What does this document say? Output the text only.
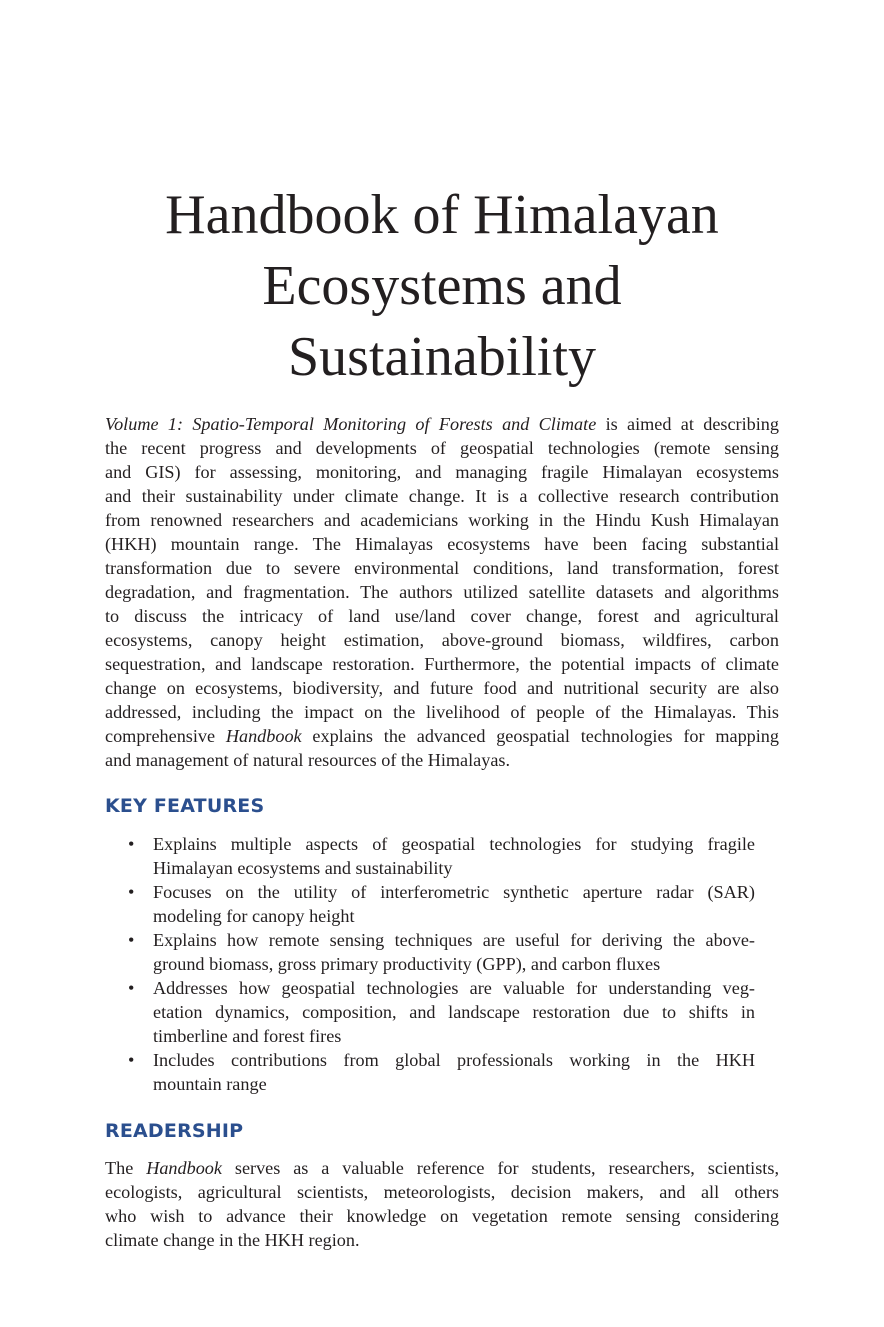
Handbook of Himalayan
Ecosystems and
Sustainability
Volume 1: Spatio-Temporal Monitoring of Forests and Climate is aimed at describing
the recent progress and developments of geospatial technologies (remote sensing
and GIS) for assessing, monitoring, and managing fragile Himalayan ecosystems
and their sustainability under climate change. It is a collective research contribution
from renowned researchers and academicians working in the Hindu Kush Himalayan
(HKH) mountain range. The Himalayas ecosystems have been facing substantial
transformation due to severe environmental conditions, land transformation, forest
degradation, and fragmentation. The authors utilized satellite datasets and algorithms
to discuss the intricacy of land use/land cover change, forest and agricultural
ecosystems, canopy height estimation, above-ground biomass, wildfires, carbon
sequestration, and landscape restoration. Furthermore, the potential impacts of climate
change on ecosystems, biodiversity, and future food and nutritional security are also
addressed, including the impact on the livelihood of people of the Himalayas. This
comprehensive Handbook explains the advanced geospatial technologies for mapping
and management of natural resources of the Himalayas.
KEY FEATURES
• Explains multiple aspects of geospatial technologies for studying fragile
Himalayan ecosystems and sustainability
• Focuses on the utility of interferometric synthetic aperture radar (SAR)
modeling for canopy height
• Explains how remote sensing techniques are useful for deriving the above-
ground biomass, gross primary productivity (GPP), and carbon fluxes
• Addresses how geospatial technologies are valuable for understanding veg-
etation dynamics, composition, and landscape restoration due to shifts in
timberline and forest fires
• Includes contributions from global professionals working in the HKH
mountain range
READERSHIP
The Handbook serves as a valuable reference for students, researchers, scientists,
ecologists, agricultural scientists, meteorologists, decision makers, and all others
who wish to advance their knowledge on vegetation remote sensing considering
climate change in the HKH region.
